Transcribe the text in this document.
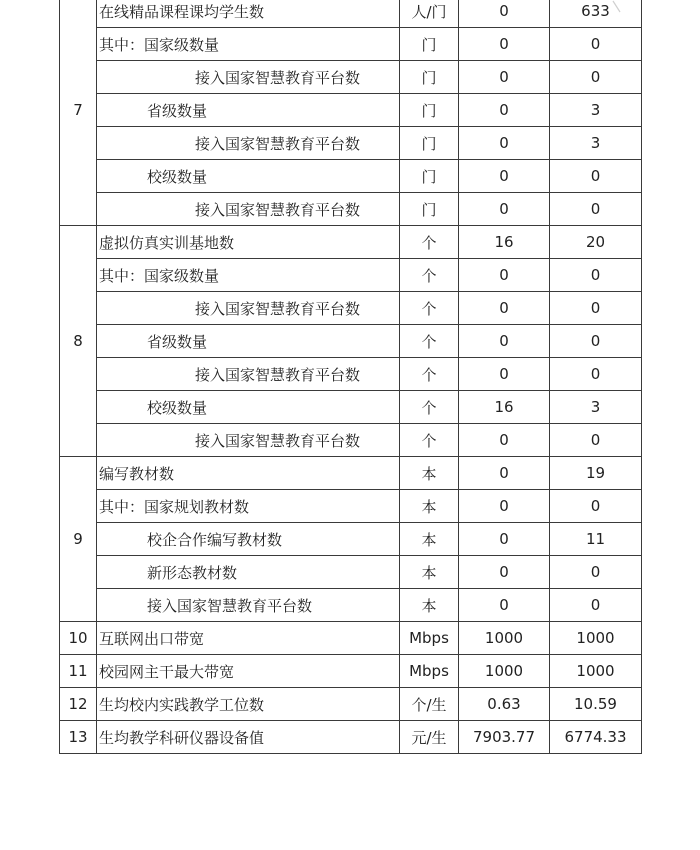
7	在线精品课程课均学生数	人/门	0	633
	其中：国家级数量	门	0	0
	接入国家智慧教育平台数	门	0	0
	省级数量	门	0	3
	接入国家智慧教育平台数	门	0	3
	校级数量	门	0	0
	接入国家智慧教育平台数	门	0	0
8	虚拟仿真实训基地数	个	16	20
	其中：国家级数量	个	0	0
	接入国家智慧教育平台数	个	0	0
	省级数量	个	0	0
	接入国家智慧教育平台数	个	0	0
	校级数量	个	16	3
	接入国家智慧教育平台数	个	0	0
9	编写教材数	本	0	19
	其中：国家规划教材数	本	0	0
	校企合作编写教材数	本	0	11
	新形态教材数	本	0	0
	接入国家智慧教育平台数	本	0	0
10	互联网出口带宽	Mbps	1000	1000
11	校园网主干最大带宽	Mbps	1000	1000
12	生均校内实践教学工位数	个/生	0.63	10.59
13	生均教学科研仪器设备值	元/生	7903.77	6774.33
